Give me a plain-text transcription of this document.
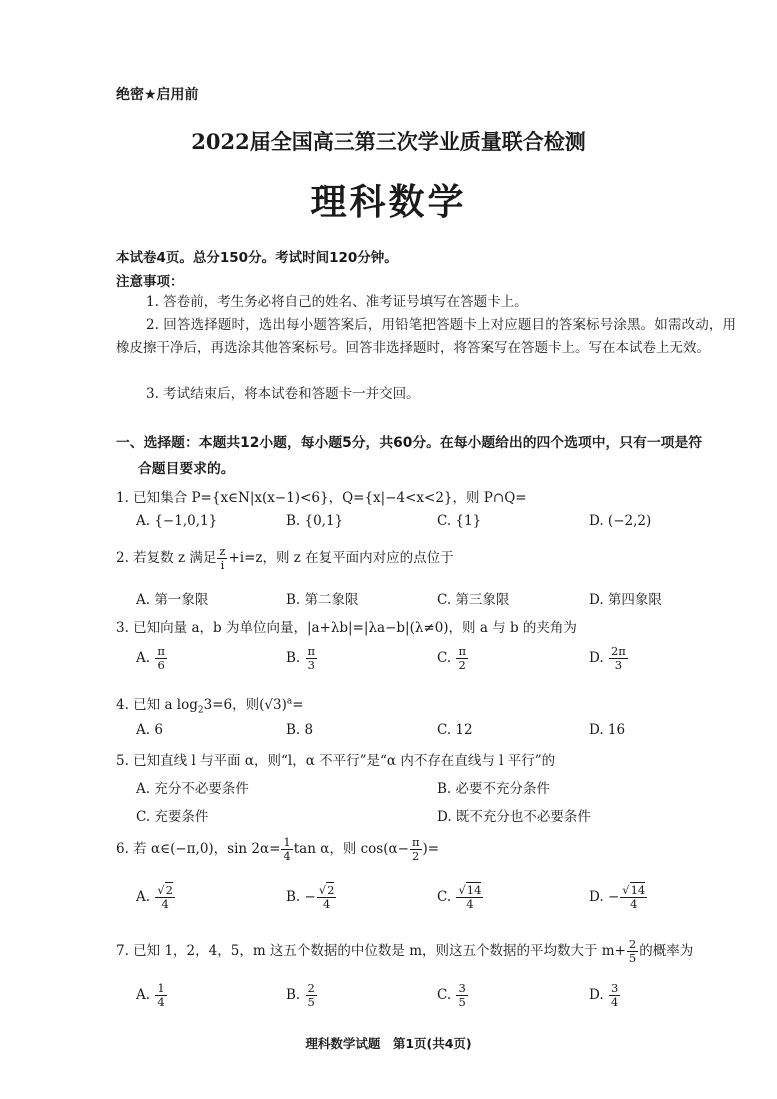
绝密★启用前
2022届全国高三第三次学业质量联合检测
理科数学
本试卷4页。总分150分。考试时间120分钟。
注意事项：
1. 答卷前，考生务必将自己的姓名、准考证号填写在答题卡上。
2. 回答选择题时，选出每小题答案后，用铅笔把答题卡上对应题目的答案标号涂黑。如需改动，用橡皮擦干净后，再选涂其他答案标号。回答非选择题时，将答案写在答题卡上。写在本试卷上无效。
3. 考试结束后，将本试卷和答题卡一并交回。
一、选择题：本题共12小题，每小题5分，共60分。在每小题给出的四个选项中，只有一项是符
合题目要求的。
1. 已知集合 P={x∈N|x(x−1)<6}，Q={x|−4<x<2}，则 P∩Q=
A. {−1,0,1}	B. {0,1}	C. {1}	D. (−2,2)
2. 若复数 z 满足 $\frac{z}{i} +i=z$，则 z 在复平面内对应的点位于
A. 第一象限	B. 第二象限	C. 第三象限	D. 第四象限
3. 已知向量 a，b 为单位向量，|a+λb|=|λa−b|(λ≠0)，则 a 与 b 的夹角为
A. $\frac{\pi}{6}$	B. $\frac{\pi}{3}$	C. $\frac{\pi}{2}$	D. $\frac{2\pi}{3}$
4. 已知 a $\log_23=6$，则$(√3)^a=$
A. 6	B. 8	C. 12	D. 16
5. 已知直线 l 与平面 α，则“l，α 不平行”是“α 内不存在直线与 l 平行”的
A. 充分不必要条件	B. 必要不充分条件
C. 充要条件	D. 既不充分也不必要条件
6. 若 α∈(−π,0)，$\sin 2\alpha= \frac{1}{4}$ tan α，则 $\cos(\alpha- \frac{\pi}{2}$ )=
A. $\frac{√2}{4}$	B. − $\frac{√2}{4}$	C. $\frac{√14}{4}$	D. − $\frac{√14}{4}$
7. 已知 1，2，4，5，m 这五个数据的中位数是 m，则这五个数据的平均数大于 $m+ \frac{2}{5}$ 的概率为
A. $\frac{1}{4}$	B. $\frac{2}{5}$	C. $\frac{3}{5}$	D. $\frac{3}{4}$
理科数学试题　第1页(共4页)
